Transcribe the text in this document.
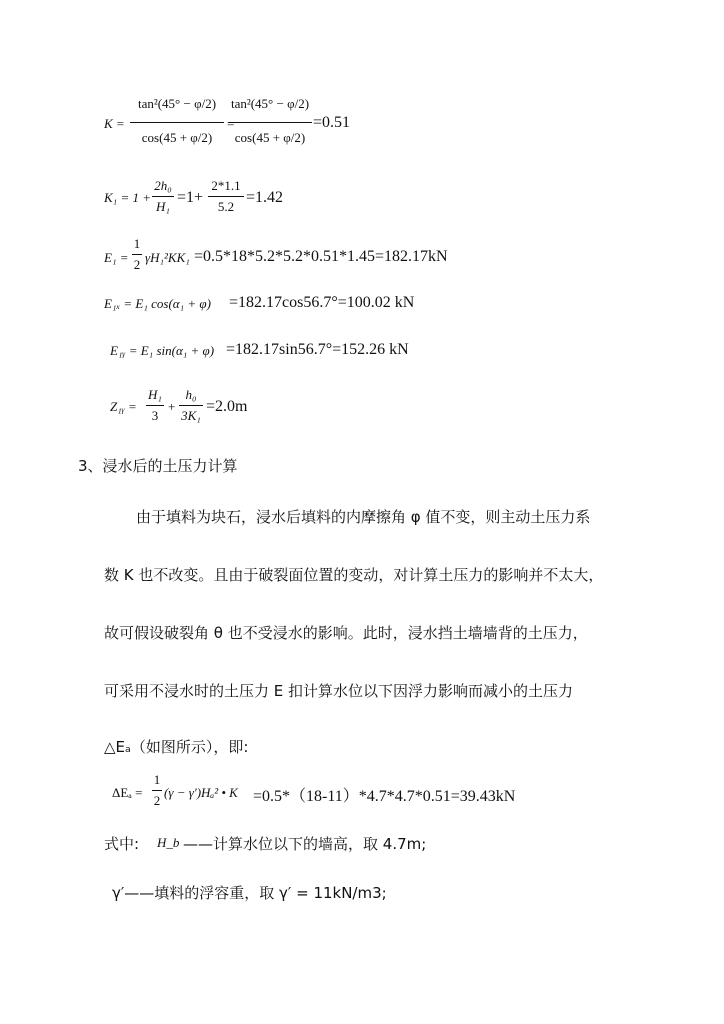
K =
tan²(45° − φ/2)
cos(45 + φ/2)
=
tan²(45° − φ/2)
cos(45 + φ/2)
=0.51
K₁ = 1 +
2h₀
H₁
=1+
2*1.1
5.2
=1.42
E₁ =
1
2 γH₁²KK₁ =0.5*18*5.2*5.2*0.51*1.45=182.17kN
E₁ₓ = E₁ cos(α₁ + φ) =182.17cos56.7°=100.02 kN
E₁ᵧ = E₁ sin(α₁ + φ) =182.17sin56.7°=152.26 kN
Z₁ᵧ =
H₁
3
+
h₀
3K₁
=2.0m
3、浸水后的土压力计算
由于填料为块石，浸水后填料的内摩擦角 φ 值不变，则主动土压力系
数 K 也不改变。且由于破裂面位置的变动，对计算土压力的影响并不太大，
故可假设破裂角 θ 也不受浸水的影响。此时，浸水挡土墙墙背的土压力，
可采用不浸水时的土压力 E 扣计算水位以下因浮力影响而减小的土压力
△Eₐ（如图所示），即:
ΔEₐ =
1
2
(γ − γ′)Hₐ² • K =0.5*（18-11）*4.7*4.7*0.51=39.43kN
式中: H_b ——计算水位以下的墙高，取 4.7m;
γ′——填料的浮容重，取 γ′ = 11kN/m3;
